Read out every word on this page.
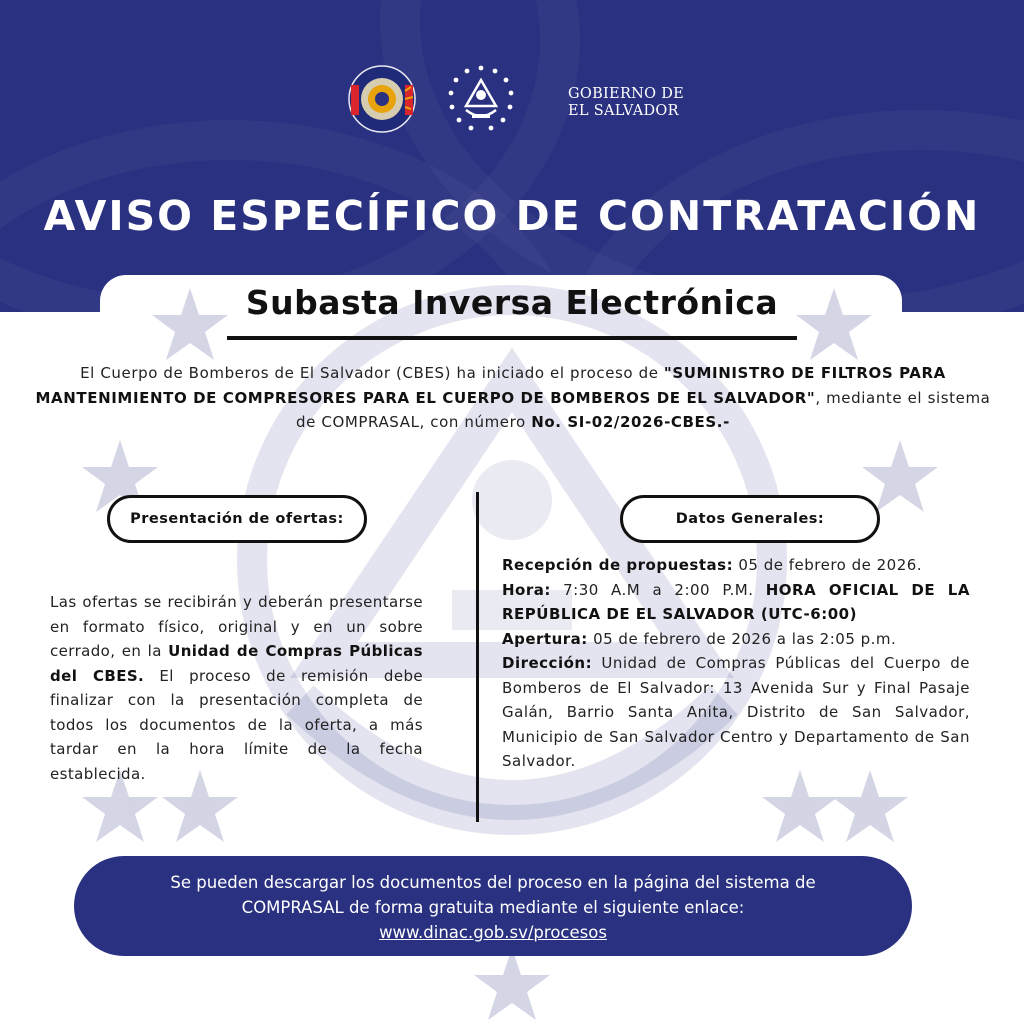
GOBIERNO DE
EL SALVADOR
AVISO ESPECÍFICO DE CONTRATACIÓN
Subasta Inversa Electrónica
El Cuerpo de Bomberos de El Salvador (CBES) ha iniciado el proceso de "SUMINISTRO DE FILTROS PARA MANTENIMIENTO DE COMPRESORES PARA EL CUERPO DE BOMBEROS DE EL SALVADOR", mediante el sistema de COMPRASAL, con número No. SI-02/2026-CBES.-
Presentación de ofertas:	Datos Generales:
Las ofertas se recibirán y deberán presentarse en formato físico, original y en un sobre cerrado, en la Unidad de Compras Públicas del CBES. El proceso de remisión debe finalizar con la presentación completa de todos los documentos de la oferta, a más tardar en la hora límite de la fecha establecida.
Recepción de propuestas: 05 de febrero de 2026.
Hora: 7:30 A.M a 2:00 P.M. HORA OFICIAL DE LA REPÚBLICA DE EL SALVADOR (UTC-6:00)
Apertura: 05 de febrero de 2026 a las 2:05 p.m.
Dirección: Unidad de Compras Públicas del Cuerpo de Bomberos de El Salvador: 13 Avenida Sur y Final Pasaje Galán, Barrio Santa Anita, Distrito de San Salvador, Municipio de San Salvador Centro y Departamento de San Salvador.
Se pueden descargar los documentos del proceso en la página del sistema de
COMPRASAL de forma gratuita mediante el siguiente enlace:
www.dinac.gob.sv/procesos
